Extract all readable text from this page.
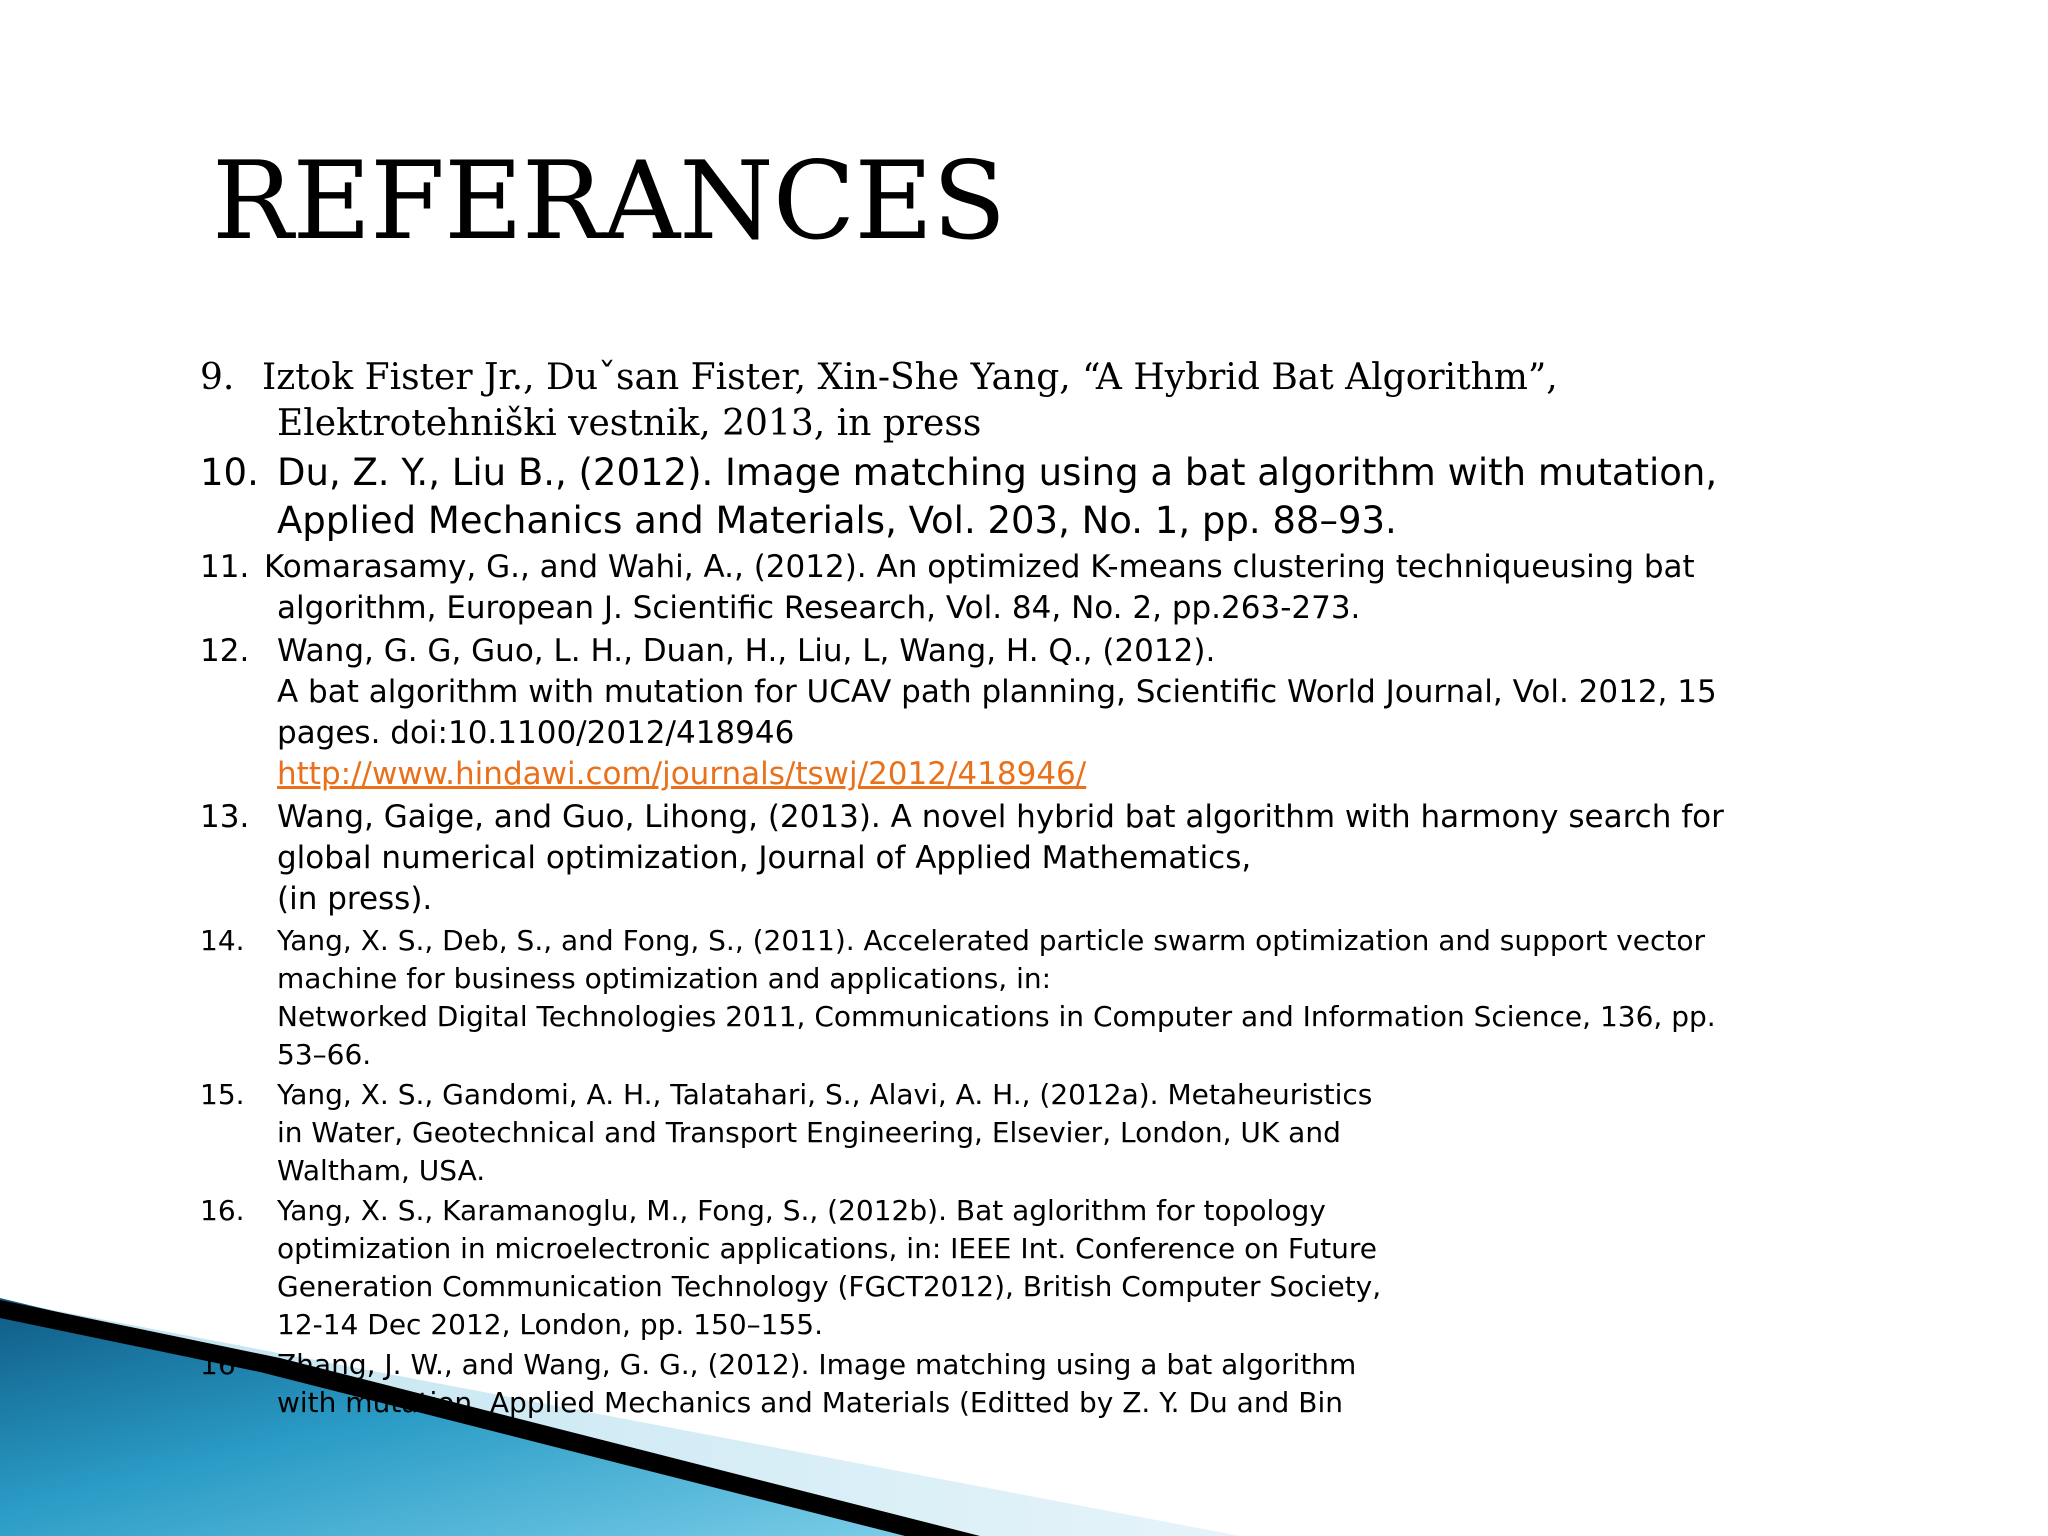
REFERANCES
9. Iztok Fister Jr., Duˇsan Fister, Xin-She Yang, “A Hybrid Bat Algorithm”,
Elektrotehniški vestnik, 2013, in press
10. Du, Z. Y., Liu B., (2012). Image matching using a bat algorithm with mutation,
Applied Mechanics and Materials, Vol. 203, No. 1, pp. 88–93.
11. Komarasamy, G., and Wahi, A., (2012). An optimized K-means clustering techniqueusing bat
algorithm, European J. Scientific Research, Vol. 84, No. 2, pp.263-273.
12. Wang, G. G, Guo, L. H., Duan, H., Liu, L, Wang, H. Q., (2012).
A bat algorithm with mutation for UCAV path planning, Scientific World Journal, Vol. 2012, 15
pages. doi:10.1100/2012/418946
http://www.hindawi.com/journals/tswj/2012/418946/
13. Wang, Gaige, and Guo, Lihong, (2013). A novel hybrid bat algorithm with harmony search for
global numerical optimization, Journal of Applied Mathematics,
(in press).
14. Yang, X. S., Deb, S., and Fong, S., (2011). Accelerated particle swarm optimization and support vector
machine for business optimization and applications, in:
Networked Digital Technologies 2011, Communications in Computer and Information Science, 136, pp.
53–66.
15. Yang, X. S., Gandomi, A. H., Talatahari, S., Alavi, A. H., (2012a). Metaheuristics
in Water, Geotechnical and Transport Engineering, Elsevier, London, UK and
Waltham, USA.
16. Yang, X. S., Karamanoglu, M., Fong, S., (2012b). Bat aglorithm for topology
optimization in microelectronic applications, in: IEEE Int. Conference on Future
Generation Communication Technology (FGCT2012), British Computer Society,
12-14 Dec 2012, London, pp. 150–155.
16 Zhang, J. W., and Wang, G. G., (2012). Image matching using a bat algorithm
with mutation, Applied Mechanics and Materials (Editted by Z. Y. Du and Bin
